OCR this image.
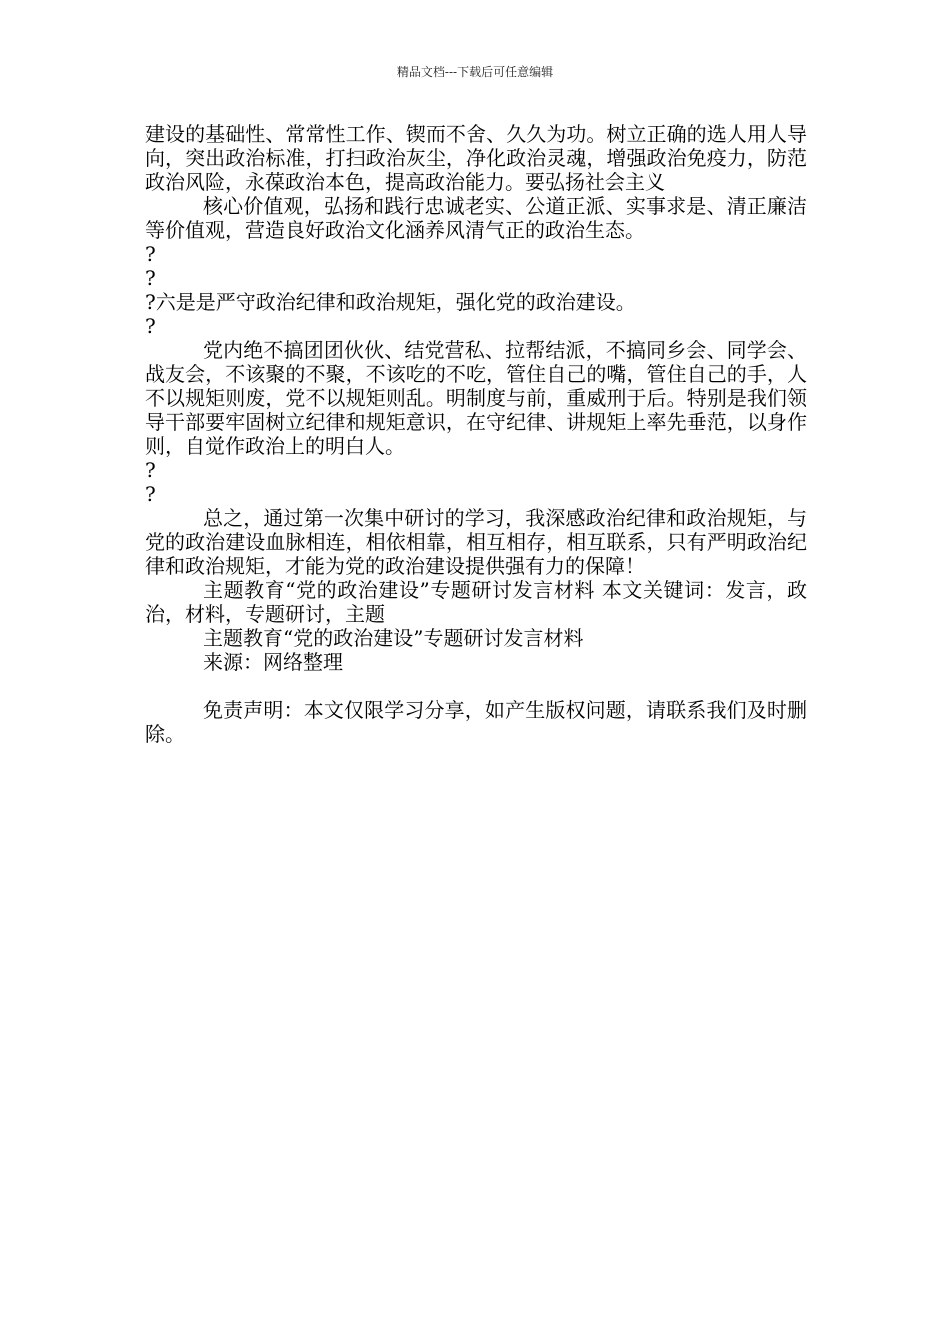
精品文档---下载后可任意编辑

建设的基础性、常常性工作、锲而不舍、久久为功。树立正确的选人用人导向，突出政治标准，打扫政治灰尘，净化政治灵魂，增强政治免疫力，防范政治风险，永葆政治本色，提高政治能力。要弘扬社会主义

核心价值观，弘扬和践行忠诚老实、公道正派、实事求是、清正廉洁等价值观，营造良好政治文化涵养风清气正的政治生态。

?

?

?六是是严守政治纪律和政治规矩，强化党的政治建设。

?

党内绝不搞团团伙伙、结党营私、拉帮结派，不搞同乡会、同学会、战友会，不该聚的不聚，不该吃的不吃，管住自己的嘴，管住自己的手，人不以规矩则废，党不以规矩则乱。明制度与前，重威刑于后。特别是我们领导干部要牢固树立纪律和规矩意识，在守纪律、讲规矩上率先垂范，以身作则，自觉作政治上的明白人。

?

?

总之，通过第一次集中研讨的学习，我深感政治纪律和政治规矩，与党的政治建设血脉相连，相依相靠，相互相存，相互联系，只有严明政治纪律和政治规矩，才能为党的政治建设提供强有力的保障！

主题教育“党的政治建设”专题研讨发言材料 本文关键词：发言，政治，材料，专题研讨，主题

主题教育“党的政治建设”专题研讨发言材料

来源：网络整理

免责声明：本文仅限学习分享，如产生版权问题，请联系我们及时删除。
